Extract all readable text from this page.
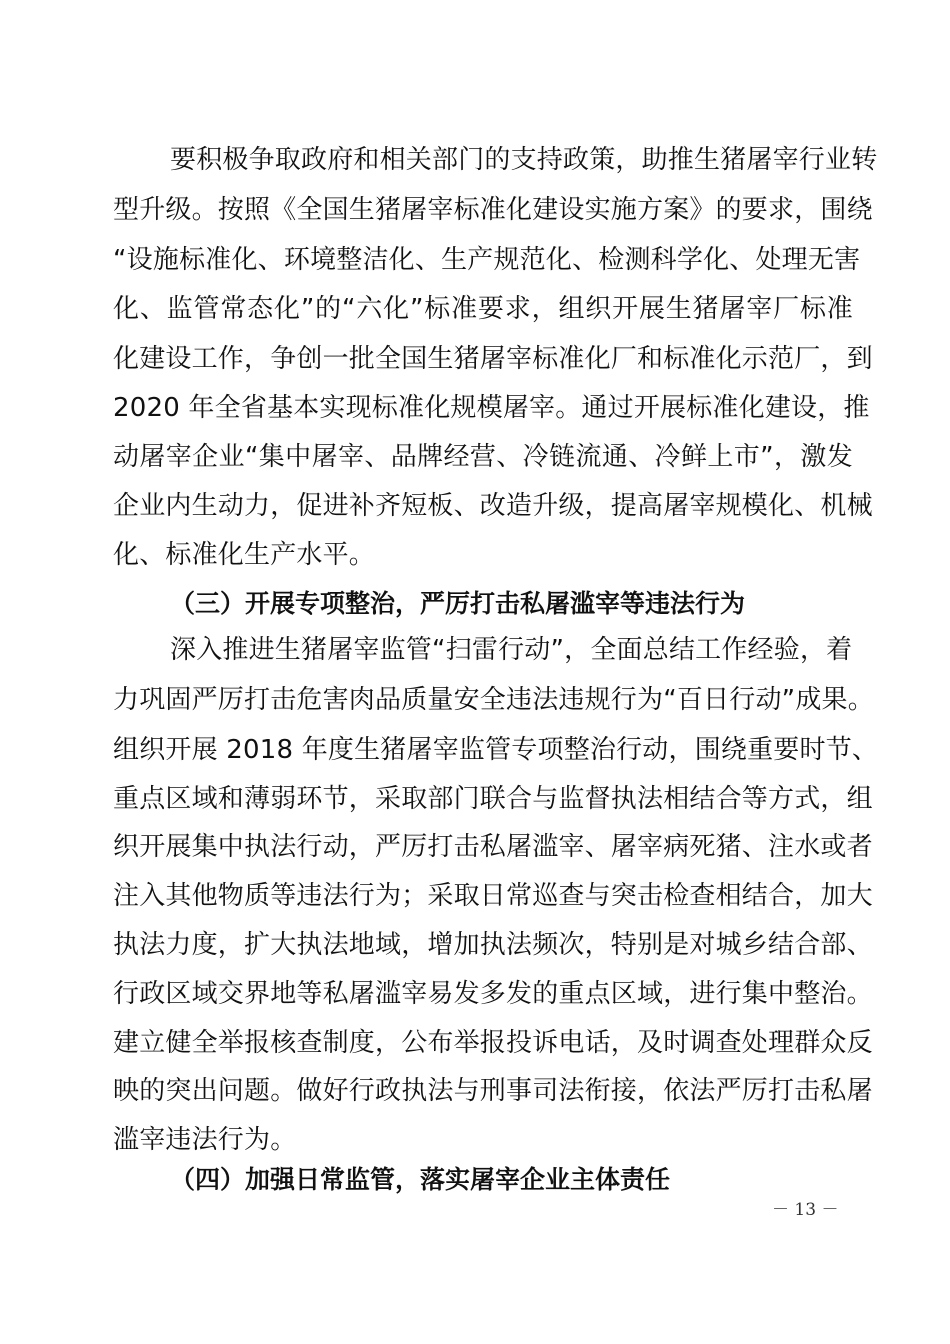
要积极争取政府和相关部门的支持政策，助推生猪屠宰行业转
型升级。按照《全国生猪屠宰标准化建设实施方案》的要求，围绕
“设施标准化、环境整洁化、生产规范化、检测科学化、处理无害
化、监管常态化”的“六化”标准要求，组织开展生猪屠宰厂标准
化建设工作，争创一批全国生猪屠宰标准化厂和标准化示范厂，到
2020 年全省基本实现标准化规模屠宰。通过开展标准化建设，推
动屠宰企业“集中屠宰、品牌经营、冷链流通、冷鲜上市”，激发
企业内生动力，促进补齐短板、改造升级，提高屠宰规模化、机械
化、标准化生产水平。
（三）开展专项整治，严厉打击私屠滥宰等违法行为
深入推进生猪屠宰监管“扫雷行动”，全面总结工作经验，着
力巩固严厉打击危害肉品质量安全违法违规行为“百日行动”成果。
组织开展 2018 年度生猪屠宰监管专项整治行动，围绕重要时节、
重点区域和薄弱环节，采取部门联合与监督执法相结合等方式，组
织开展集中执法行动，严厉打击私屠滥宰、屠宰病死猪、注水或者
注入其他物质等违法行为；采取日常巡查与突击检查相结合，加大
执法力度，扩大执法地域，增加执法频次，特别是对城乡结合部、
行政区域交界地等私屠滥宰易发多发的重点区域，进行集中整治。
建立健全举报核查制度，公布举报投诉电话，及时调查处理群众反
映的突出问题。做好行政执法与刑事司法衔接，依法严厉打击私屠
滥宰违法行为。
（四）加强日常监管，落实屠宰企业主体责任
－ 13 －
